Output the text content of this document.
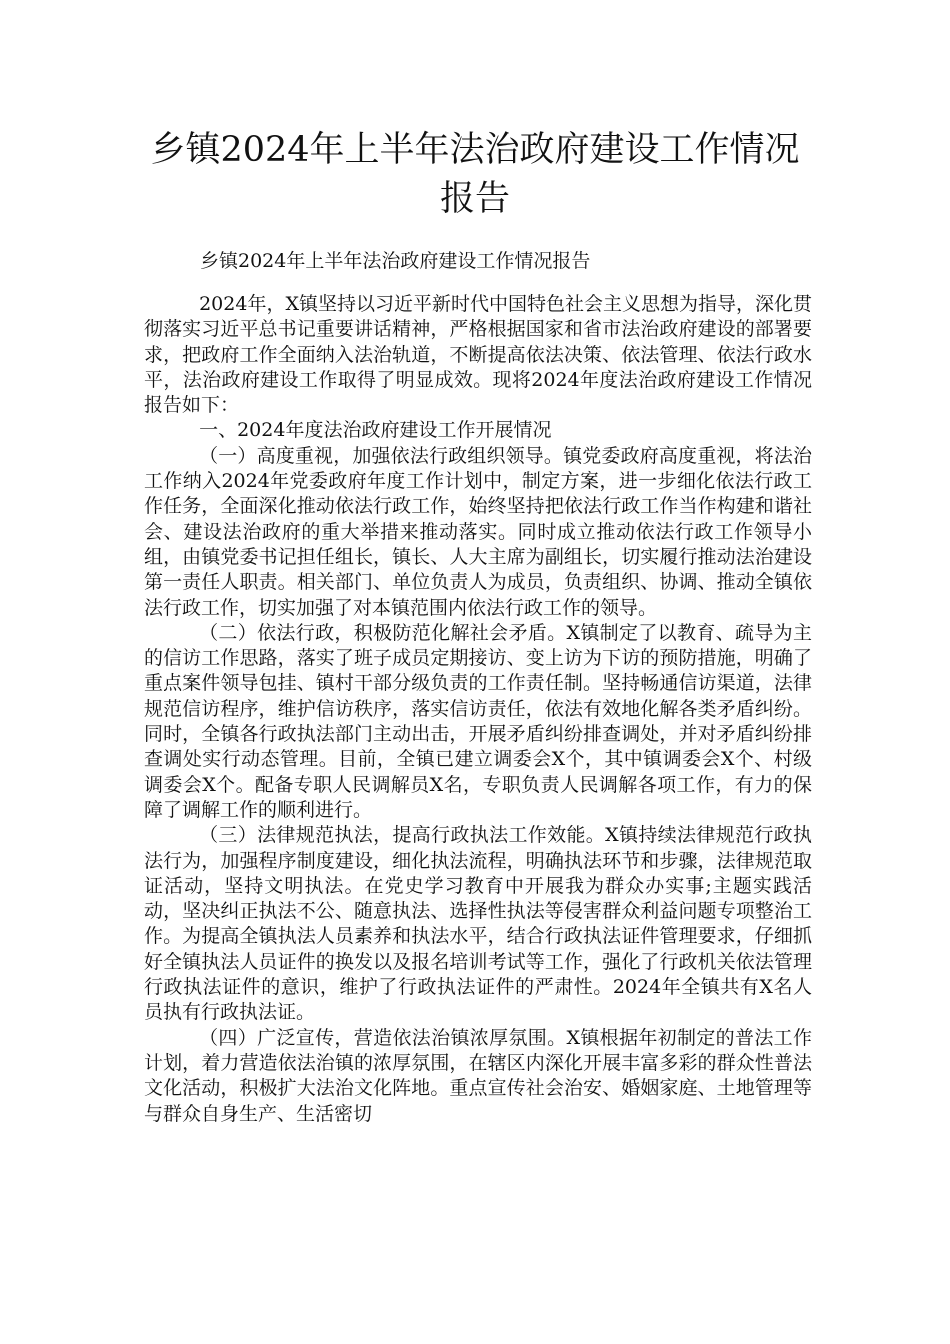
乡镇2024年上半年法治政府建设工作情况
报告

乡镇2024年上半年法治政府建设工作情况报告

2024年，X镇坚持以习近平新时代中国特色社会主义思想为指导，深化贯彻落实习近平总书记重要讲话精神，严格根据国家和省市法治政府建设的部署要求，把政府工作全面纳入法治轨道，不断提高依法决策、依法管理、依法行政水平，法治政府建设工作取得了明显成效。现将2024年度法治政府建设工作情况报告如下：

一、2024年度法治政府建设工作开展情况

（一）高度重视，加强依法行政组织领导。镇党委政府高度重视，将法治工作纳入2024年党委政府年度工作计划中，制定方案，进一步细化依法行政工作任务，全面深化推动依法行政工作，始终坚持把依法行政工作当作构建和谐社会、建设法治政府的重大举措来推动落实。同时成立推动依法行政工作领导小组，由镇党委书记担任组长，镇长、人大主席为副组长，切实履行推动法治建设第一责任人职责。相关部门、单位负责人为成员，负责组织、协调、推动全镇依法行政工作，切实加强了对本镇范围内依法行政工作的领导。

（二）依法行政，积极防范化解社会矛盾。X镇制定了以教育、疏导为主的信访工作思路，落实了班子成员定期接访、变上访为下访的预防措施，明确了重点案件领导包挂、镇村干部分级负责的工作责任制。坚持畅通信访渠道，法律规范信访程序，维护信访秩序，落实信访责任，依法有效地化解各类矛盾纠纷。同时，全镇各行政执法部门主动出击，开展矛盾纠纷排查调处，并对矛盾纠纷排查调处实行动态管理。目前，全镇已建立调委会X个，其中镇调委会X个、村级调委会X个。配备专职人民调解员X名，专职负责人民调解各项工作，有力的保障了调解工作的顺利进行。

（三）法律规范执法，提高行政执法工作效能。X镇持续法律规范行政执法行为，加强程序制度建设，细化执法流程，明确执法环节和步骤，法律规范取证活动，坚持文明执法。在党史学习教育中开展我为群众办实事;主题实践活动，坚决纠正执法不公、随意执法、选择性执法等侵害群众利益问题专项整治工作。为提高全镇执法人员素养和执法水平，结合行政执法证件管理要求，仔细抓好全镇执法人员证件的换发以及报名培训考试等工作，强化了行政机关依法管理行政执法证件的意识，维护了行政执法证件的严肃性。2024年全镇共有X名人员执有行政执法证。

（四）广泛宣传，营造依法治镇浓厚氛围。X镇根据年初制定的普法工作计划，着力营造依法治镇的浓厚氛围，在辖区内深化开展丰富多彩的群众性普法文化活动，积极扩大法治文化阵地。重点宣传社会治安、婚姻家庭、土地管理等与群众自身生产、生活密切
